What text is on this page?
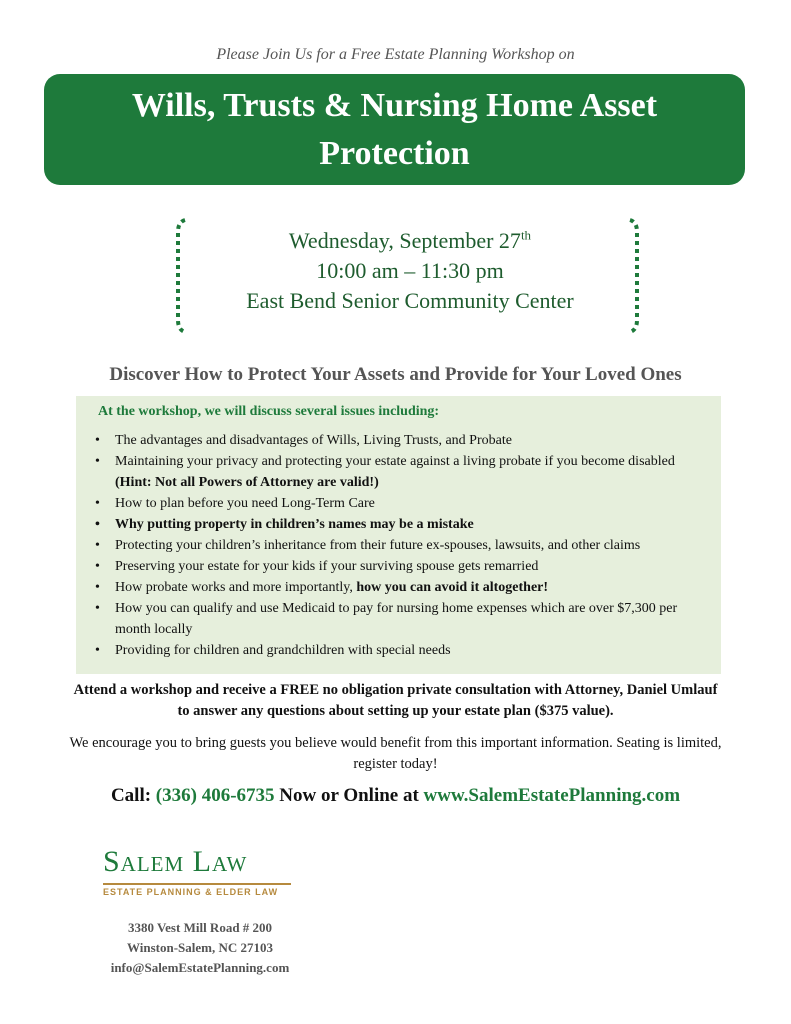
Please Join Us for a Free Estate Planning Workshop on
Wills, Trusts & Nursing Home Asset Protection
Wednesday, September 27th
10:00 am – 11:30 pm
East Bend Senior Community Center
Discover How to Protect Your Assets and Provide for Your Loved Ones
At the workshop, we will discuss several issues including:
• The advantages and disadvantages of Wills, Living Trusts, and Probate
• Maintaining your privacy and protecting your estate against a living probate if you become disabled  (Hint: Not all Powers of Attorney are valid!)
• How to plan before you need Long-Term Care
• Why putting property in children’s names may be a mistake
• Protecting your children’s inheritance from their future ex-spouses, lawsuits, and other claims
• Preserving your estate for your kids if your surviving spouse gets remarried
• How probate works and more importantly, how you can avoid it altogether!
• How you can qualify and use Medicaid to pay for nursing home expenses which are over $7,300 per month locally
• Providing for children and grandchildren with special needs
Attend a workshop and receive a FREE no obligation private consultation with Attorney, Daniel Umlauf to answer any questions about setting up your estate plan ($375 value).
We encourage you to bring guests you believe would benefit from this important information. Seating is limited, register today!
Call: (336) 406-6735 Now or Online at www.SalemEstatePlanning.com
Salem Law
ESTATE PLANNING & ELDER LAW
3380 Vest Mill Road # 200
Winston-Salem, NC 27103
info@SalemEstatePlanning.com
